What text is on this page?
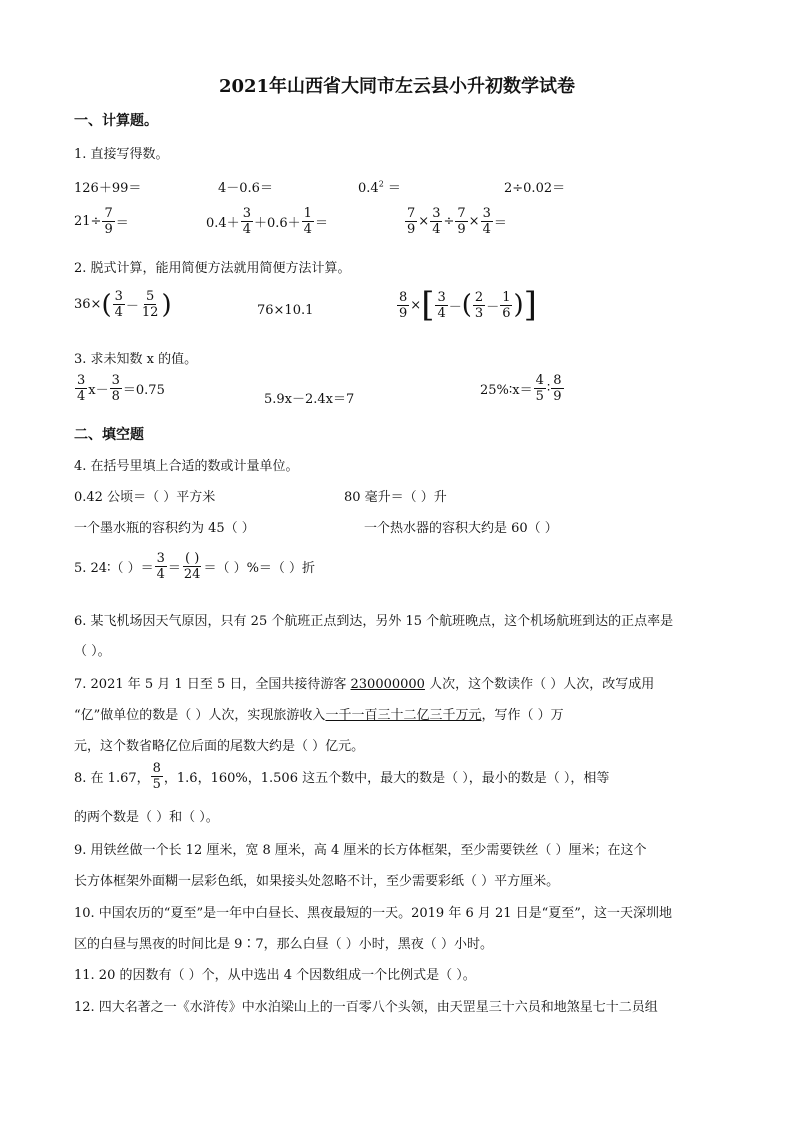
2021年山西省大同市左云县小升初数学试卷
一、计算题。
1. 直接写得数。
126＋99＝	4－0.6＝	$0.4^2$ ＝	2÷0.02＝
$21\div \frac{7}{9}$ ＝	$0.4+ \frac{3}{4} +0.6+ \frac{1}{4}$ ＝	$\frac{7}{9} \times \frac{3}{4} \div \frac{7}{9} \times \frac{3}{4}$ ＝
2. 脱式计算，能用简便方法就用简便方法计算。
36× ( $\frac{3}{4} - \frac{5}{12}$ )	76×10.1	$\frac{8}{9}$ × [ $\frac{3}{4}$ － ( $\frac{2}{3} - \frac{1}{6}$ ) ]
3. 求未知数 x 的值。
$\frac{3}{4} x- \frac{3}{8} =0.75$
5.9x－2.4x＝7
25%∶x＝ $\frac{4}{5}$ ∶ $\frac{8}{9}$
二、填空题
4. 在括号里填上合适的数或计量单位。
0.42 公顷＝（ ）平方米	80 毫升＝（ ）升
一个墨水瓶的容积约为 45（ ）	一个热水器的容积大约是 60（ ）
5. 24∶（ ）＝ $\frac{3}{4} = \frac{( )}{24}$ ＝（ ）%＝（ ）折
6. 某飞机场因天气原因，只有 25 个航班正点到达，另外 15 个航班晚点，这个机场航班到达的正点率是
（ ）。
7. 2021 年 5 月 1 日至 5 日，全国共接待游客 230000000 人次，这个数读作（ ）人次，改写成用
“亿”做单位的数是（ ）人次，实现旅游收入一千一百三十二亿三千万元，写作（ ）万
元，这个数省略亿位后面的尾数大约是（ ）亿元。
8. 在 1.67， $\frac{8}{5}$ ，1.6̇，160%，1.506 这五个数中，最大的数是（ ），最小的数是（ ），相等
的两个数是（ ）和（ ）。
9. 用铁丝做一个长 12 厘米，宽 8 厘米，高 4 厘米的长方体框架，至少需要铁丝（ ）厘米；在这个
长方体框架外面糊一层彩色纸，如果接头处忽略不计，至少需要彩纸（ ）平方厘米。
10. 中国农历的“夏至”是一年中白昼长、黑夜最短的一天。2019 年 6 月 21 日是“夏至”，这一天深圳地
区的白昼与黑夜的时间比是 9∶7，那么白昼（ ）小时，黑夜（ ）小时。
11. 20 的因数有（ ）个，从中选出 4 个因数组成一个比例式是（ ）。
12. 四大名著之一《水浒传》中水泊梁山上的一百零八个头领，由天罡星三十六员和地煞星七十二员组
